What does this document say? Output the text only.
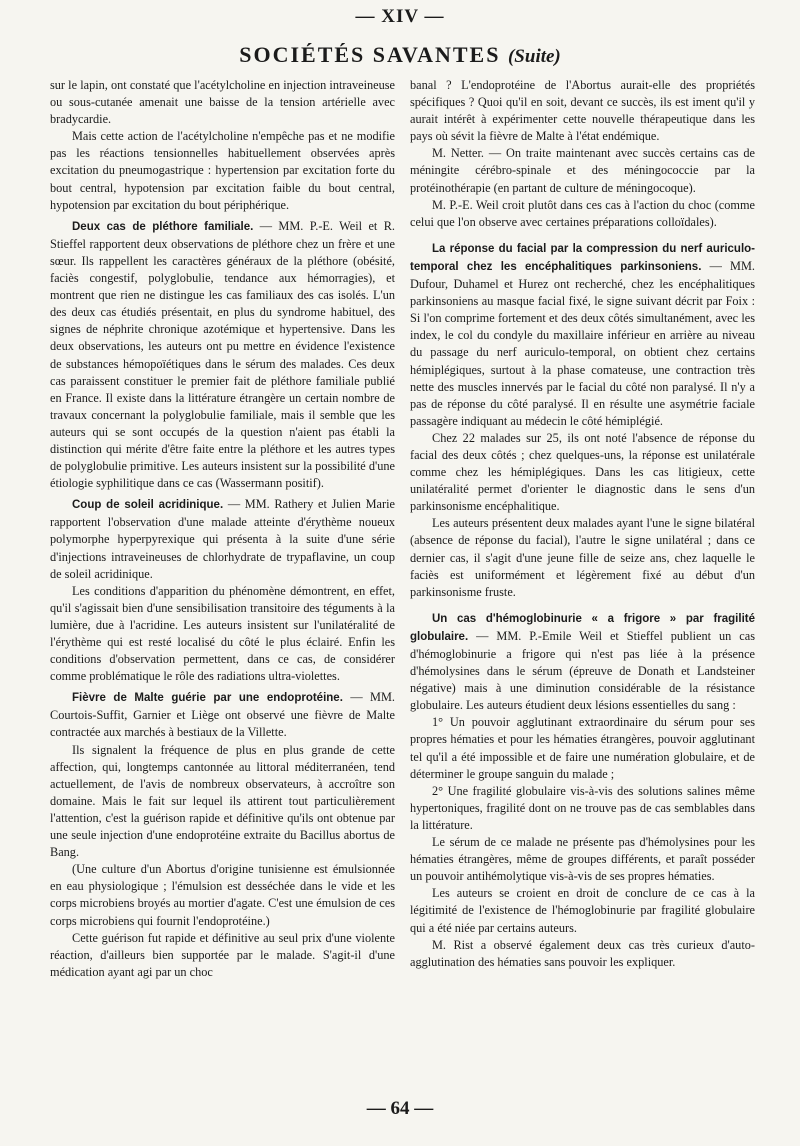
— XIV —
SOCIÉTÉS SAVANTES (Suite)

sur le lapin, ont constaté que l'acétylcholine en injection intraveineuse ou sous-cutanée amenait une baisse de la tension artérielle avec bradycardie.

Mais cette action de l'acétylcholine n'empêche pas et ne modifie pas les réactions tensionnelles habituellement observées après excitation du pneumogastrique : hypertension par excitation forte du bout central, hypotension par excitation faible du bout central, hypotension par excitation du bout périphérique.

Deux cas de pléthore familiale. — MM. P.-E. Weil et R. Stieffel rapportent deux observations de pléthore chez un frère et une sœur. Ils rappellent les caractères généraux de la pléthore (obésité, faciès congestif, polyglobulie, tendance aux hémorragies), et montrent que rien ne distingue les cas familiaux des cas isolés. L'un des deux cas étudiés présentait, en plus du syndrome habituel, des signes de néphrite chronique azotémique et hypertensive. Dans les deux observations, les auteurs ont pu mettre en évidence l'existence de substances hémopoïétiques dans le sérum des malades. Ces deux cas paraissent constituer le premier fait de pléthore familiale publié en France. Il existe dans la littérature étrangère un certain nombre de travaux concernant la polyglobulie familiale, mais il semble que les auteurs qui se sont occupés de la question n'aient pas établi la distinction qui mérite d'être faite entre la pléthore et les autres types de polyglobulie primitive. Les auteurs insistent sur la possibilité d'une étiologie syphilitique dans ce cas (Wassermann positif).

Coup de soleil acridinique. — MM. Rathery et Julien Marie rapportent l'observation d'une malade atteinte d'érythème noueux polymorphe hyperpyrexique qui présenta à la suite d'une série d'injections intraveineuses de chlorhydrate de trypaflavine, un coup de soleil acridinique.

Les conditions d'apparition du phénomène démontrent, en effet, qu'il s'agissait bien d'une sensibilisation transitoire des téguments à la lumière, due à l'acridine. Les auteurs insistent sur l'unilatéralité de l'érythème qui est resté localisé du côté le plus éclairé. Enfin les conditions d'observation permettent, dans ce cas, de considérer comme problématique le rôle des radiations ultra-violettes.

Fièvre de Malte guérie par une endoprotéine. — MM. Courtois-Suffit, Garnier et Liège ont observé une fièvre de Malte contractée aux marchés à bestiaux de la Villette.

Ils signalent la fréquence de plus en plus grande de cette affection, qui, longtemps cantonnée au littoral méditerranéen, tend actuellement, de l'avis de nombreux observateurs, à accroître son domaine. Mais le fait sur lequel ils attirent tout particulièrement l'attention, c'est la guérison rapide et définitive qu'ils ont obtenue par une seule injection d'une endoprotéine extraite du Bacillus abortus de Bang.

(Une culture d'un Abortus d'origine tunisienne est émulsionnée en eau physiologique ; l'émulsion est desséchée dans le vide et les corps microbiens broyés au mortier d'agate. C'est une émulsion de ces corps microbiens qui fournit l'endoprotéine.)

Cette guérison fut rapide et définitive au seul prix d'une violente réaction, d'ailleurs bien supportée par le malade. S'agit-il d'une médication ayant agi par un choc

banal ? L'endoprotéine de l'Abortus aurait-elle des propriétés spécifiques ? Quoi qu'il en soit, devant ce succès, ils est iment qu'il y aurait intérêt à expérimenter cette nouvelle thérapeutique dans les pays où sévit la fièvre de Malte à l'état endémique.

M. Netter. — On traite maintenant avec succès certains cas de méningite cérébro-spinale et des méningococcie par la protéinothérapie (en partant de culture de méningocoque).

M. P.-E. Weil croit plutôt dans ces cas à l'action du choc (comme celui que l'on observe avec certaines préparations colloïdales).

La réponse du facial par la compression du nerf auriculo-temporal chez les encéphalitiques parkinsoniens. — MM. Dufour, Duhamel et Hurez ont recherché, chez les encéphalitiques parkinsoniens au masque facial fixé, le signe suivant décrit par Foix : Si l'on comprime fortement et des deux côtés simultanément, avec les index, le col du condyle du maxillaire inférieur en arrière au niveau du passage du nerf auriculo-temporal, on obtient chez certains hémiplégiques, surtout à la phase comateuse, une contraction très nette des muscles innervés par le facial du côté non paralysé. Il n'y a pas de réponse du côté paralysé. Il en résulte une asymétrie faciale passagère indiquant au médecin le côté hémiplégié.

Chez 22 malades sur 25, ils ont noté l'absence de réponse du facial des deux côtés ; chez quelques-uns, la réponse est unilatérale comme chez les hémiplégiques. Dans les cas litigieux, cette unilatéralité permet d'orienter le diagnostic dans le sens d'un parkinsonisme encéphalitique.

Les auteurs présentent deux malades ayant l'une le signe bilatéral (absence de réponse du facial), l'autre le signe unilatéral ; dans ce dernier cas, il s'agit d'une jeune fille de seize ans, chez laquelle le faciès est uniformément et légèrement fixé au début d'un parkinsonisme fruste.

Un cas d'hémoglobinurie « a frigore » par fragilité globulaire. — MM. P.-Emile Weil et Stieffel publient un cas d'hémoglobinurie a frigore qui n'est pas liée à la présence d'hémolysines dans le sérum (épreuve de Donath et Landsteiner négative) mais à une diminution considérable de la résistance globulaire. Les auteurs étudient deux lésions essentielles du sang :

1° Un pouvoir agglutinant extraordinaire du sérum pour ses propres hématies et pour les hématies étrangères, pouvoir agglutinant tel qu'il a été impossible et de faire une numération globulaire, et de déterminer le groupe sanguin du malade ;

2° Une fragilité globulaire vis-à-vis des solutions salines même hypertoniques, fragilité dont on ne trouve pas de cas semblables dans la littérature.

Le sérum de ce malade ne présente pas d'hémolysines pour les hématies étrangères, même de groupes différents, et paraît posséder un pouvoir antihémolytique vis-à-vis de ses propres hématies.

Les auteurs se croient en droit de conclure de ce cas à la légitimité de l'existence de l'hémoglobinurie par fragilité globulaire qui a été niée par certains auteurs.

M. Rist a observé également deux cas très curieux d'auto-agglutination des hématies sans pouvoir les expliquer.

— 64 —
